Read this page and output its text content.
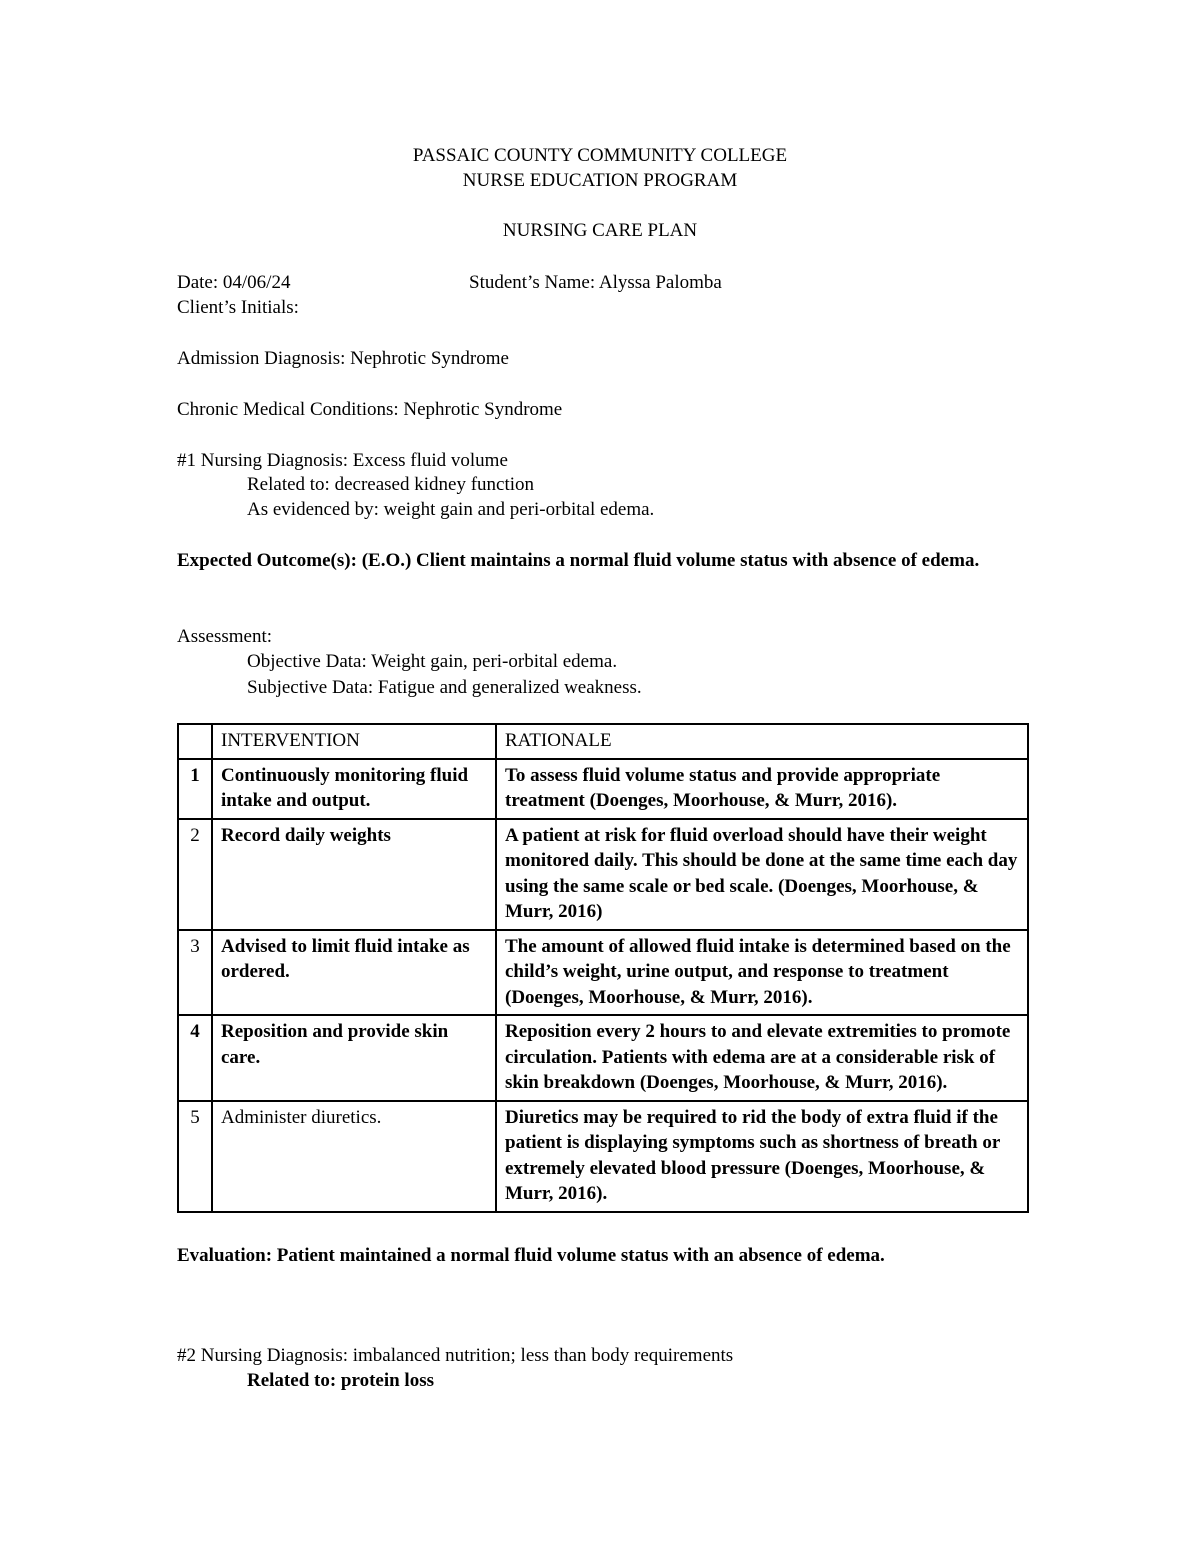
PASSAIC COUNTY COMMUNITY COLLEGE
NURSE EDUCATION PROGRAM
NURSING CARE PLAN
Date: 04/06/24	Student’s Name: Alyssa Palomba
Client’s Initials:
Admission Diagnosis: Nephrotic Syndrome
Chronic Medical Conditions: Nephrotic Syndrome
#1 Nursing Diagnosis: Excess fluid volume
Related to: decreased kidney function
As evidenced by: weight gain and peri-orbital edema.
Expected Outcome(s): (E.O.) Client maintains a normal fluid volume status with absence of edema.
Assessment:
Objective Data: Weight gain, peri-orbital edema.
Subjective Data: Fatigue and generalized weakness.
	INTERVENTION	RATIONALE
1	Continuously monitoring fluid intake and output.	To assess fluid volume status and provide appropriate treatment (Doenges, Moorhouse, & Murr, 2016).
2	Record daily weights	A patient at risk for fluid overload should have their weight monitored daily. This should be done at the same time each day using the same scale or bed scale. (Doenges, Moorhouse, & Murr, 2016)
3	Advised to limit fluid intake as ordered.	The amount of allowed fluid intake is determined based on the child’s weight, urine output, and response to treatment (Doenges, Moorhouse, & Murr, 2016).
4	Reposition and provide skin care.	Reposition every 2 hours to and elevate extremities to promote circulation. Patients with edema are at a considerable risk of skin breakdown (Doenges, Moorhouse, & Murr, 2016).
5	Administer diuretics.	Diuretics may be required to rid the body of extra fluid if the patient is displaying symptoms such as shortness of breath or extremely elevated blood pressure (Doenges, Moorhouse, & Murr, 2016).
Evaluation: Patient maintained a normal fluid volume status with an absence of edema.
#2 Nursing Diagnosis: imbalanced nutrition; less than body requirements
Related to: protein loss
